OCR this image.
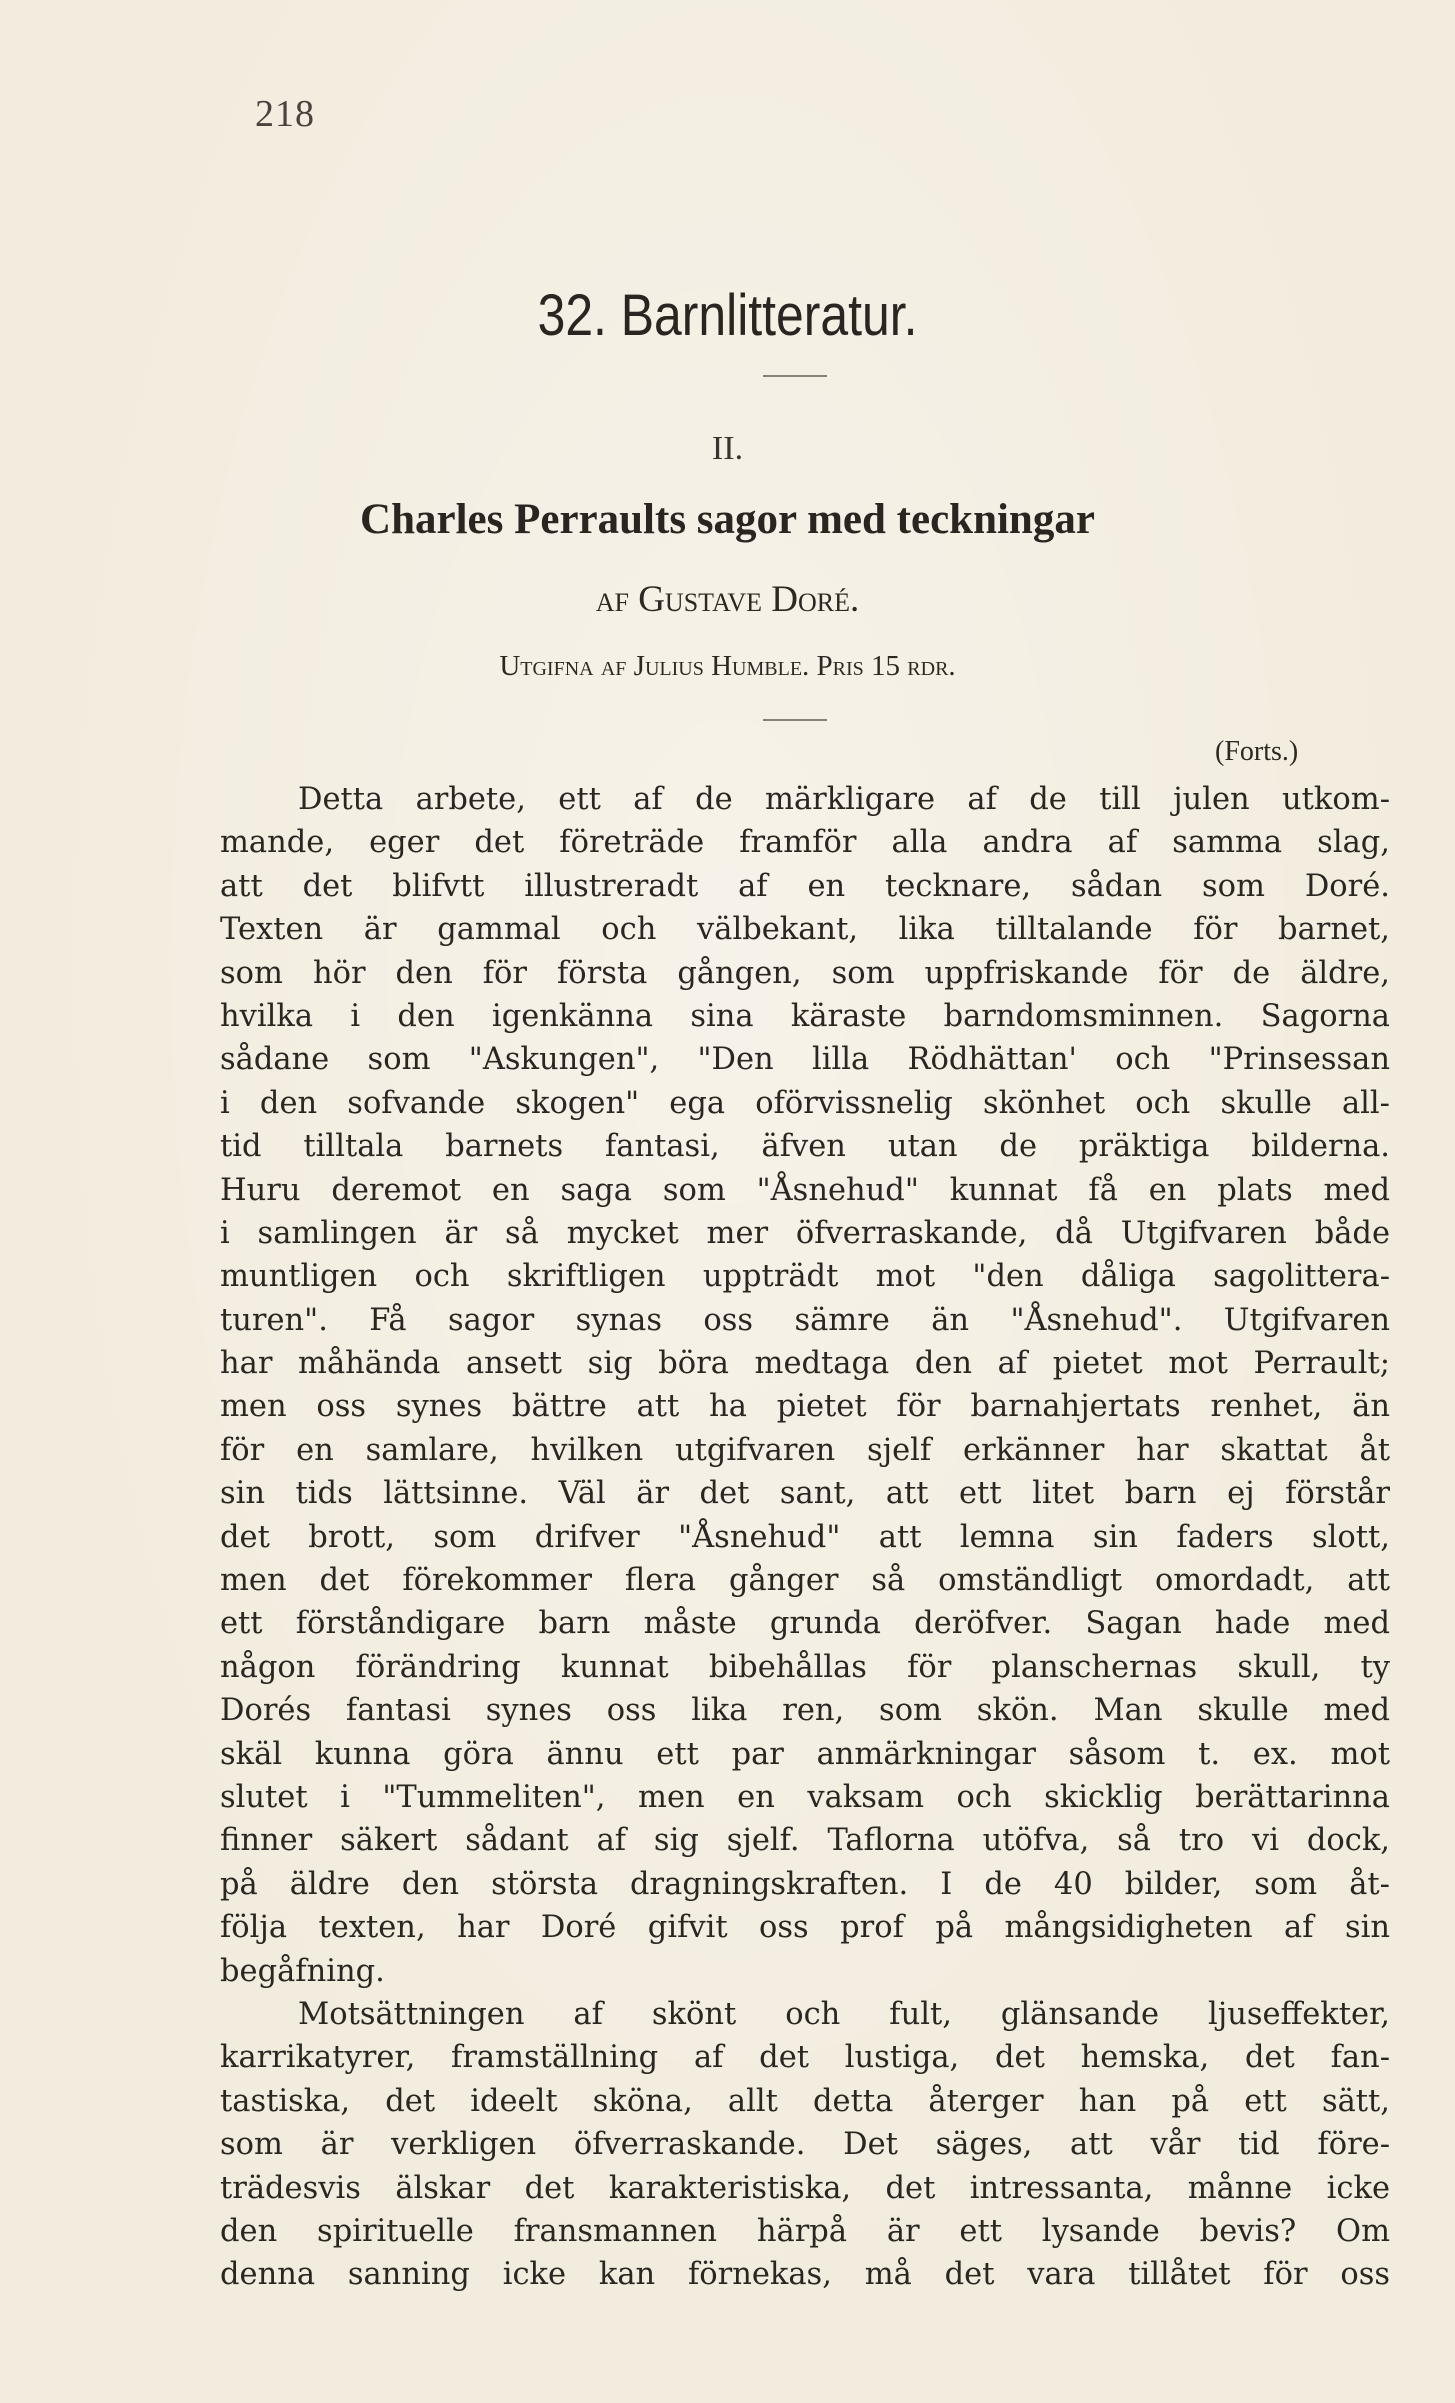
218
32. Barnlitteratur.
II.
Charles Perraults sagor med teckningar
af Gustave Doré.
Utgifna af Julius Humble. Pris 15 rdr.
(Forts.)
Detta arbete, ett af de märkligare af de till julen utkom-
mande, eger det företräde framför alla andra af samma slag,
att det blifvtt illustreradt af en tecknare, sådan som Doré.
Texten är gammal och välbekant, lika tilltalande för barnet,
som hör den för första gången, som uppfriskande för de äldre,
hvilka i den igenkänna sina käraste barndomsminnen. Sagorna
sådane som "Askungen", "Den lilla Rödhättan' och "Prinsessan
i den sofvande skogen" ega oförvissnelig skönhet och skulle all-
tid tilltala barnets fantasi, äfven utan de präktiga bilderna.
Huru deremot en saga som "Åsnehud" kunnat få en plats med
i samlingen är så mycket mer öfverraskande, då Utgifvaren både
muntligen och skriftligen uppträdt mot "den dåliga sagolittera-
turen". Få sagor synas oss sämre än "Åsnehud". Utgifvaren
har måhända ansett sig böra medtaga den af pietet mot Perrault;
men oss synes bättre att ha pietet för barnahjertats renhet, än
för en samlare, hvilken utgifvaren sjelf erkänner har skattat åt
sin tids lättsinne. Väl är det sant, att ett litet barn ej förstår
det brott, som drifver "Åsnehud" att lemna sin faders slott,
men det förekommer flera gånger så omständligt omordadt, att
ett förståndigare barn måste grunda deröfver. Sagan hade med
någon förändring kunnat bibehållas för planschernas skull, ty
Dorés fantasi synes oss lika ren, som skön. Man skulle med
skäl kunna göra ännu ett par anmärkningar såsom t. ex. mot
slutet i "Tummeliten", men en vaksam och skicklig berättarinna
finner säkert sådant af sig sjelf. Taflorna utöfva, så tro vi dock,
på äldre den största dragningskraften. I de 40 bilder, som åt-
följa texten, har Doré gifvit oss prof på mångsidigheten af sin
begåfning.
Motsättningen af skönt och fult, glänsande ljuseffekter,
karrikatyrer, framställning af det lustiga, det hemska, det fan-
tastiska, det ideelt sköna, allt detta återger han på ett sätt,
som är verkligen öfverraskande. Det säges, att vår tid före-
trädesvis älskar det karakteristiska, det intressanta, månne icke
den spirituelle fransmannen härpå är ett lysande bevis? Om
denna sanning icke kan förnekas, må det vara tillåtet för oss
